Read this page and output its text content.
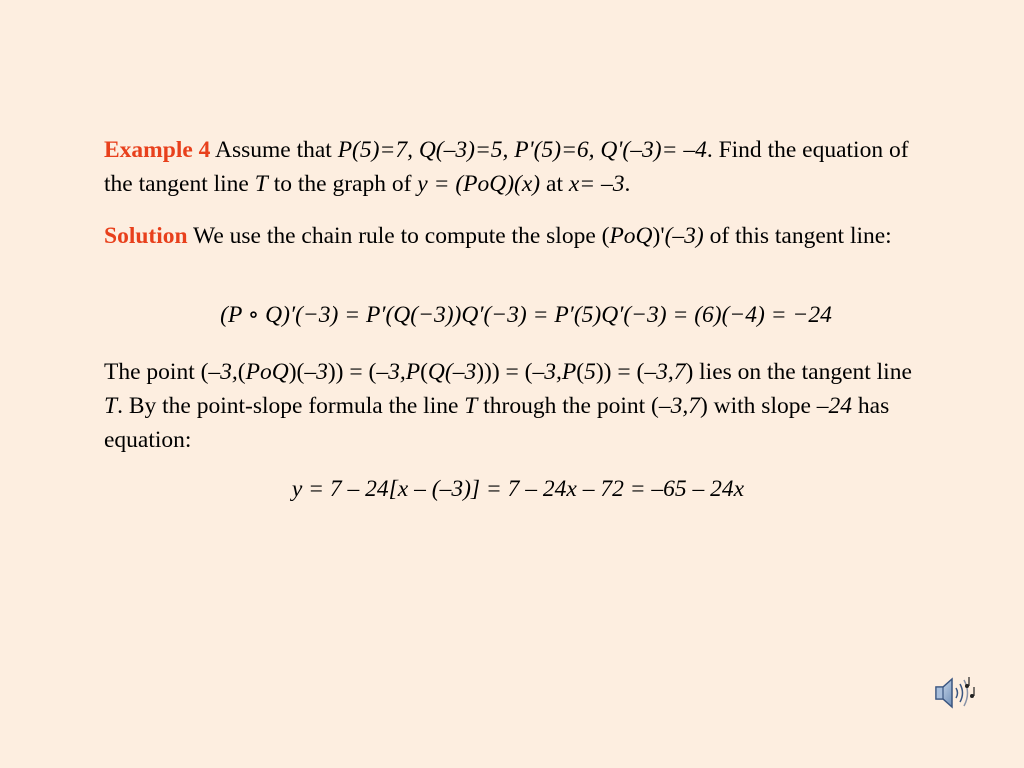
Example 4 Assume that P(5)=7, Q(–3)=5, P'(5)=6, Q'(–3)= –4. Find the equation of the tangent line T to the graph of y = (PoQ)(x) at x= –3.
Solution We use the chain rule to compute the slope (PoQ)'(–3) of this tangent line:
(P ∘ Q)′(−3) = P′(Q(−3))Q′(−3) = P′(5)Q′(−3) = (6)(−4) = −24
The point (–3,(PoQ)(–3)) = (–3,P(Q(–3))) = (–3,P(5)) = (–3,7) lies on the tangent line T. By the point-slope formula the line T through the point (–3,7) with slope –24 has equation:
y = 7 – 24[x – (–3)] = 7 – 24x – 72 = –65 – 24x
